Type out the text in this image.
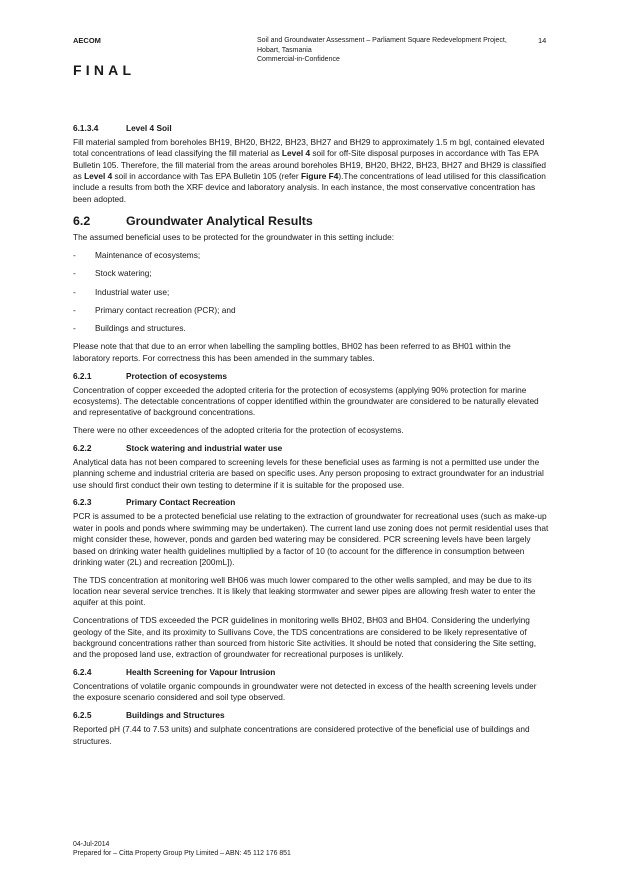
AECOM	Soil and Groundwater Assessment – Parliament Square Redevelopment Project,
Hobart, Tasmania
Commercial-in-Confidence
14
FINAL
6.1.3.4	Level 4 Soil

Fill material sampled from boreholes BH19, BH20, BH22, BH23, BH27 and BH29 to approximately 1.5 m bgl, contained elevated total concentrations of lead classifying the fill material as Level 4 soil for off-Site disposal purposes in accordance with Tas EPA Bulletin 105. Therefore, the fill material from the areas around boreholes BH19, BH20, BH22, BH23, BH27 and BH29 is classified as Level 4 soil in accordance with Tas EPA Bulletin 105 (refer Figure F4).The concentrations of lead utilised for this classification include a results from both the XRF device and laboratory analysis. In each instance, the most conservative concentration has been adopted.

6.2	Groundwater Analytical Results

The assumed beneficial uses to be protected for the groundwater in this setting include:

- Maintenance of ecosystems;
- Stock watering;
- Industrial water use;
- Primary contact recreation (PCR); and
- Buildings and structures.

Please note that that due to an error when labelling the sampling bottles, BH02 has been referred to as BH01 within the laboratory reports. For correctness this has been amended in the summary tables.

6.2.1	Protection of ecosystems

Concentration of copper exceeded the adopted criteria for the protection of ecosystems (applying 90% protection for marine ecosystems). The detectable concentrations of copper identified within the groundwater are considered to be naturally elevated and representative of background concentrations.

There were no other exceedences of the adopted criteria for the protection of ecosystems.

6.2.2	Stock watering and industrial water use

Analytical data has not been compared to screening levels for these beneficial uses as farming is not a permitted use under the planning scheme and industrial criteria are based on specific uses. Any person proposing to extract groundwater for an industrial use should first conduct their own testing to determine if it is suitable for the proposed use.

6.2.3	Primary Contact Recreation

PCR is assumed to be a protected beneficial use relating to the extraction of groundwater for recreational uses (such as make-up water in pools and ponds where swimming may be undertaken). The current land use zoning does not permit residential uses that might consider these, however, ponds and garden bed watering may be considered. PCR screening levels have been largely based on drinking water health guidelines multiplied by a factor of 10 (to account for the difference in consumption between drinking water (2L) and recreation [200mL]).

The TDS concentration at monitoring well BH06 was much lower compared to the other wells sampled, and may be due to its location near several service trenches. It is likely that leaking stormwater and sewer pipes are allowing fresh water to enter the aquifer at this point.

Concentrations of TDS exceeded the PCR guidelines in monitoring wells BH02, BH03 and BH04. Considering the underlying geology of the Site, and its proximity to Sullivans Cove, the TDS concentrations are considered to be likely representative of background concentrations rather than sourced from historic Site activities. It should be noted that considering the Site setting, and the proposed land use, extraction of groundwater for recreational purposes is unlikely.

6.2.4	Health Screening for Vapour Intrusion

Concentrations of volatile organic compounds in groundwater were not detected in excess of the health screening levels under the exposure scenario considered and soil type observed.

6.2.5	Buildings and Structures

Reported pH (7.44 to 7.53 units) and sulphate concentrations are considered protective of the beneficial use of buildings and structures.

04-Jul-2014
Prepared for – Citta Property Group Pty Limited – ABN: 45 112 176 851
